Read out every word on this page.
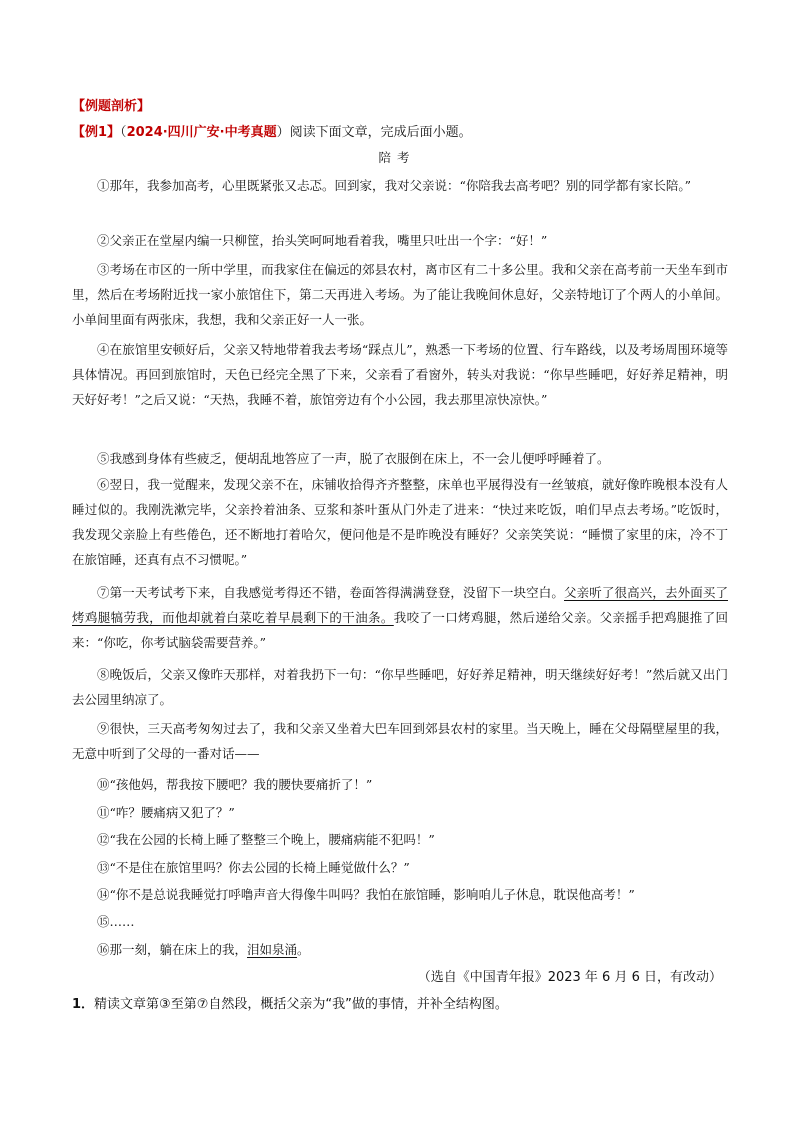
【例题剖析】
【例1】（2024·四川广安·中考真题）阅读下面文章，完成后面小题。
陪考
①那年，我参加高考，心里既紧张又忐忑。回到家，我对父亲说：“你陪我去高考吧？别的同学都有家长陪。”
②父亲正在堂屋内编一只柳筐，抬头笑呵呵地看着我，嘴里只吐出一个字：“好！”
③考场在市区的一所中学里，而我家住在偏远的郊县农村，离市区有二十多公里。我和父亲在高考前一天坐车到市里，然后在考场附近找一家小旅馆住下，第二天再进入考场。为了能让我晚间休息好，父亲特地订了个两人的小单间。小单间里面有两张床，我想，我和父亲正好一人一张。
④在旅馆里安顿好后，父亲又特地带着我去考场“踩点儿”，熟悉一下考场的位置、行车路线，以及考场周围环境等具体情况。再回到旅馆时，天色已经完全黑了下来，父亲看了看窗外，转头对我说：“你早些睡吧，好好养足精神，明天好好考！”之后又说：“天热，我睡不着，旅馆旁边有个小公园，我去那里凉快凉快。”
⑤我感到身体有些疲乏，便胡乱地答应了一声，脱了衣服倒在床上，不一会儿便呼呼睡着了。
⑥翌日，我一觉醒来，发现父亲不在，床铺收拾得齐齐整整，床单也平展得没有一丝皱痕，就好像昨晚根本没有人睡过似的。我刚洗漱完毕，父亲拎着油条、豆浆和茶叶蛋从门外走了进来：“快过来吃饭，咱们早点去考场。”吃饭时，我发现父亲脸上有些倦色，还不断地打着哈欠，便问他是不是昨晚没有睡好？父亲笑笑说：“睡惯了家里的床，冷不丁在旅馆睡，还真有点不习惯呢。”
⑦第一天考试考下来，自我感觉考得还不错，卷面答得满满登登，没留下一块空白。父亲听了很高兴，去外面买了烤鸡腿犒劳我，而他却就着白菜吃着早晨剩下的干油条。我咬了一口烤鸡腿，然后递给父亲。父亲摇手把鸡腿推了回来：“你吃，你考试脑袋需要营养。”
⑧晚饭后，父亲又像昨天那样，对着我扔下一句：“你早些睡吧，好好养足精神，明天继续好好考！”然后就又出门去公园里纳凉了。
⑨很快，三天高考匆匆过去了，我和父亲又坐着大巴车回到郊县农村的家里。当天晚上，睡在父母隔壁屋里的我，无意中听到了父母的一番对话——
⑩“孩他妈，帮我按下腰吧？我的腰快要痛折了！”
⑪“咋？腰痛病又犯了？”
⑫“我在公园的长椅上睡了整整三个晚上，腰痛病能不犯吗！”
⑬“不是住在旅馆里吗？你去公园的长椅上睡觉做什么？”
⑭“你不是总说我睡觉打呼噜声音大得像牛叫吗？我怕在旅馆睡，影响咱儿子休息，耽误他高考！”
⑮……
⑯那一刻，躺在床上的我，泪如泉涌。
（选自《中国青年报》2023 年 6 月 6 日，有改动）
1．精读文章第③至第⑦自然段，概括父亲为“我”做的事情，并补全结构图。
